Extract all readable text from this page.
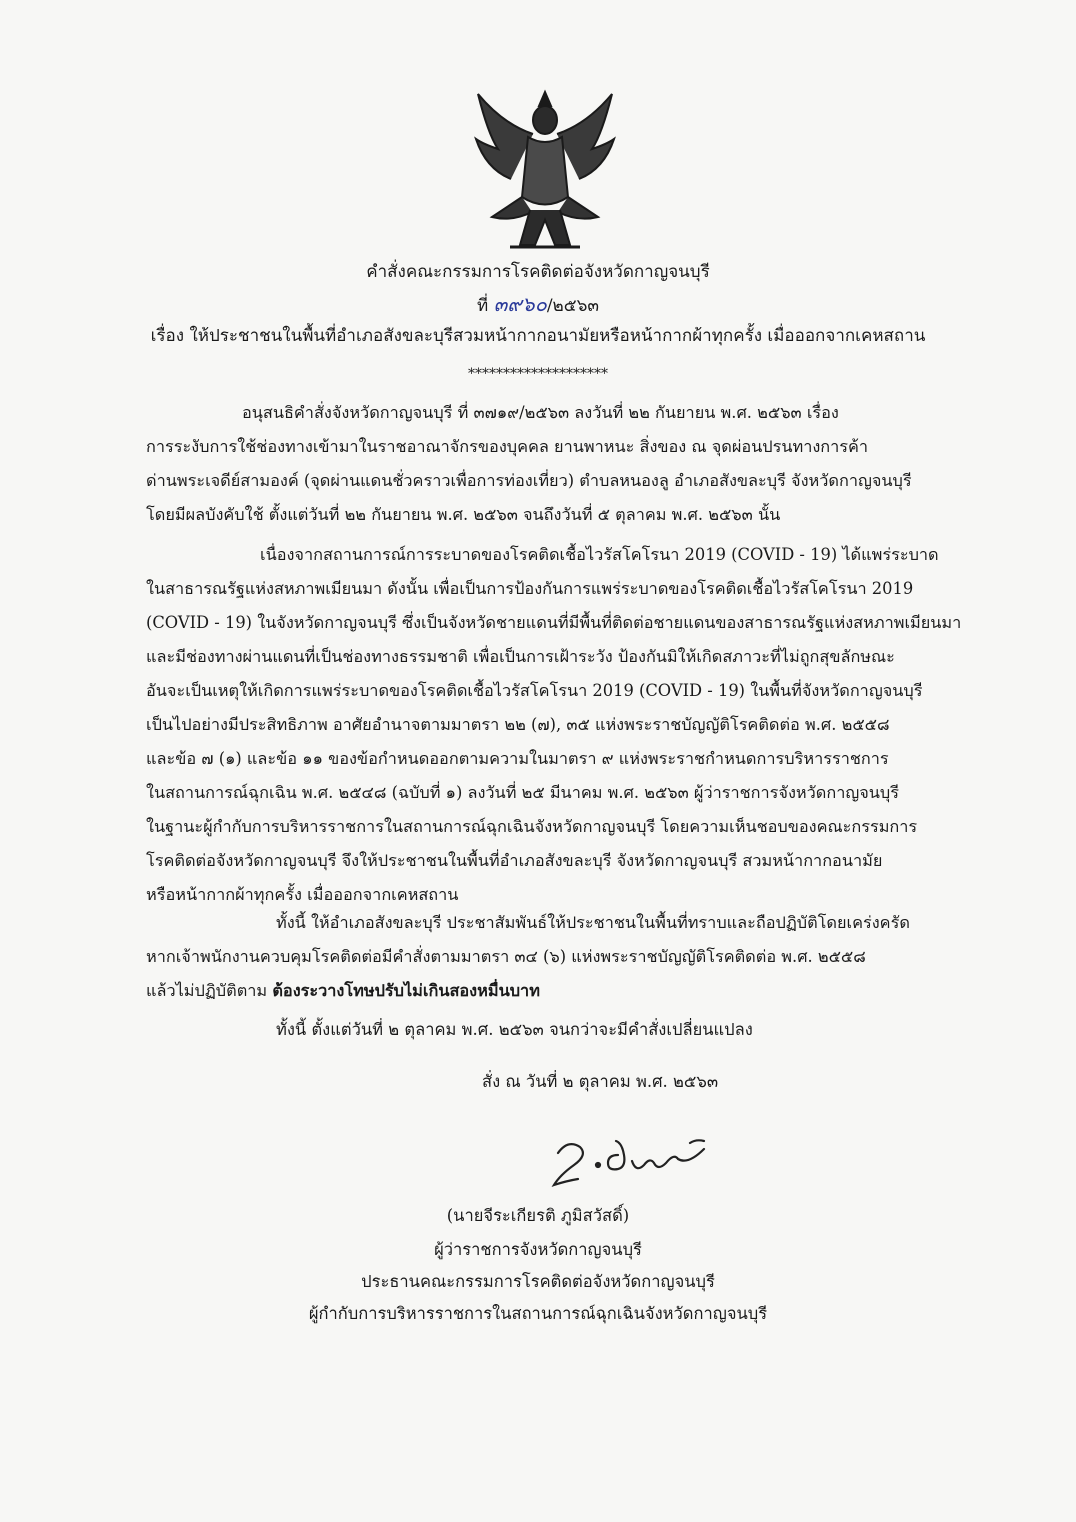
คำสั่งคณะกรรมการโรคติดต่อจังหวัดกาญจนบุรี
ที่ ๓๙๖๐/๒๕๖๓
เรื่อง ให้ประชาชนในพื้นที่อำเภอสังขละบุรีสวมหน้ากากอนามัยหรือหน้ากากผ้าทุกครั้ง เมื่อออกจากเคหสถาน
********************
อนุสนธิคำสั่งจังหวัดกาญจนบุรี ที่ ๓๗๑๙/๒๕๖๓ ลงวันที่ ๒๒ กันยายน พ.ศ. ๒๕๖๓ เรื่อง
การระงับการใช้ช่องทางเข้ามาในราชอาณาจักรของบุคคล ยานพาหนะ สิ่งของ ณ จุดผ่อนปรนทางการค้า
ด่านพระเจดีย์สามองค์ (จุดผ่านแดนชั่วคราวเพื่อการท่องเที่ยว) ตำบลหนองลู อำเภอสังขละบุรี จังหวัดกาญจนบุรี
โดยมีผลบังคับใช้ ตั้งแต่วันที่ ๒๒ กันยายน พ.ศ. ๒๕๖๓ จนถึงวันที่ ๕ ตุลาคม พ.ศ. ๒๕๖๓ นั้น
เนื่องจากสถานการณ์การระบาดของโรคติดเชื้อไวรัสโคโรนา 2019 (COVID - 19) ได้แพร่ระบาด
ในสาธารณรัฐแห่งสหภาพเมียนมา ดังนั้น เพื่อเป็นการป้องกันการแพร่ระบาดของโรคติดเชื้อไวรัสโคโรนา 2019
(COVID - 19) ในจังหวัดกาญจนบุรี ซึ่งเป็นจังหวัดชายแดนที่มีพื้นที่ติดต่อชายแดนของสาธารณรัฐแห่งสหภาพเมียนมา
และมีช่องทางผ่านแดนที่เป็นช่องทางธรรมชาติ เพื่อเป็นการเฝ้าระวัง ป้องกันมิให้เกิดสภาวะที่ไม่ถูกสุขลักษณะ
อันจะเป็นเหตุให้เกิดการแพร่ระบาดของโรคติดเชื้อไวรัสโคโรนา 2019 (COVID - 19) ในพื้นที่จังหวัดกาญจนบุรี
เป็นไปอย่างมีประสิทธิภาพ อาศัยอำนาจตามมาตรา ๒๒ (๗), ๓๕ แห่งพระราชบัญญัติโรคติดต่อ พ.ศ. ๒๕๕๘
และข้อ ๗ (๑) และข้อ ๑๑ ของข้อกำหนดออกตามความในมาตรา ๙ แห่งพระราชกำหนดการบริหารราชการ
ในสถานการณ์ฉุกเฉิน พ.ศ. ๒๕๔๘ (ฉบับที่ ๑) ลงวันที่ ๒๕ มีนาคม พ.ศ. ๒๕๖๓ ผู้ว่าราชการจังหวัดกาญจนบุรี
ในฐานะผู้กำกับการบริหารราชการในสถานการณ์ฉุกเฉินจังหวัดกาญจนบุรี โดยความเห็นชอบของคณะกรรมการ
โรคติดต่อจังหวัดกาญจนบุรี จึงให้ประชาชนในพื้นที่อำเภอสังขละบุรี จังหวัดกาญจนบุรี สวมหน้ากากอนามัย
หรือหน้ากากผ้าทุกครั้ง เมื่อออกจากเคหสถาน
ทั้งนี้ ให้อำเภอสังขละบุรี ประชาสัมพันธ์ให้ประชาชนในพื้นที่ทราบและถือปฏิบัติโดยเคร่งครัด
หากเจ้าพนักงานควบคุมโรคติดต่อมีคำสั่งตามมาตรา ๓๔ (๖) แห่งพระราชบัญญัติโรคติดต่อ พ.ศ. ๒๕๕๘
แล้วไม่ปฏิบัติตาม ต้องระวางโทษปรับไม่เกินสองหมื่นบาท
ทั้งนี้ ตั้งแต่วันที่ ๒ ตุลาคม พ.ศ. ๒๕๖๓ จนกว่าจะมีคำสั่งเปลี่ยนแปลง
สั่ง ณ วันที่ ๒ ตุลาคม พ.ศ. ๒๕๖๓
(นายจีระเกียรติ ภูมิสวัสดิ์)
ผู้ว่าราชการจังหวัดกาญจนบุรี
ประธานคณะกรรมการโรคติดต่อจังหวัดกาญจนบุรี
ผู้กำกับการบริหารราชการในสถานการณ์ฉุกเฉินจังหวัดกาญจนบุรี
